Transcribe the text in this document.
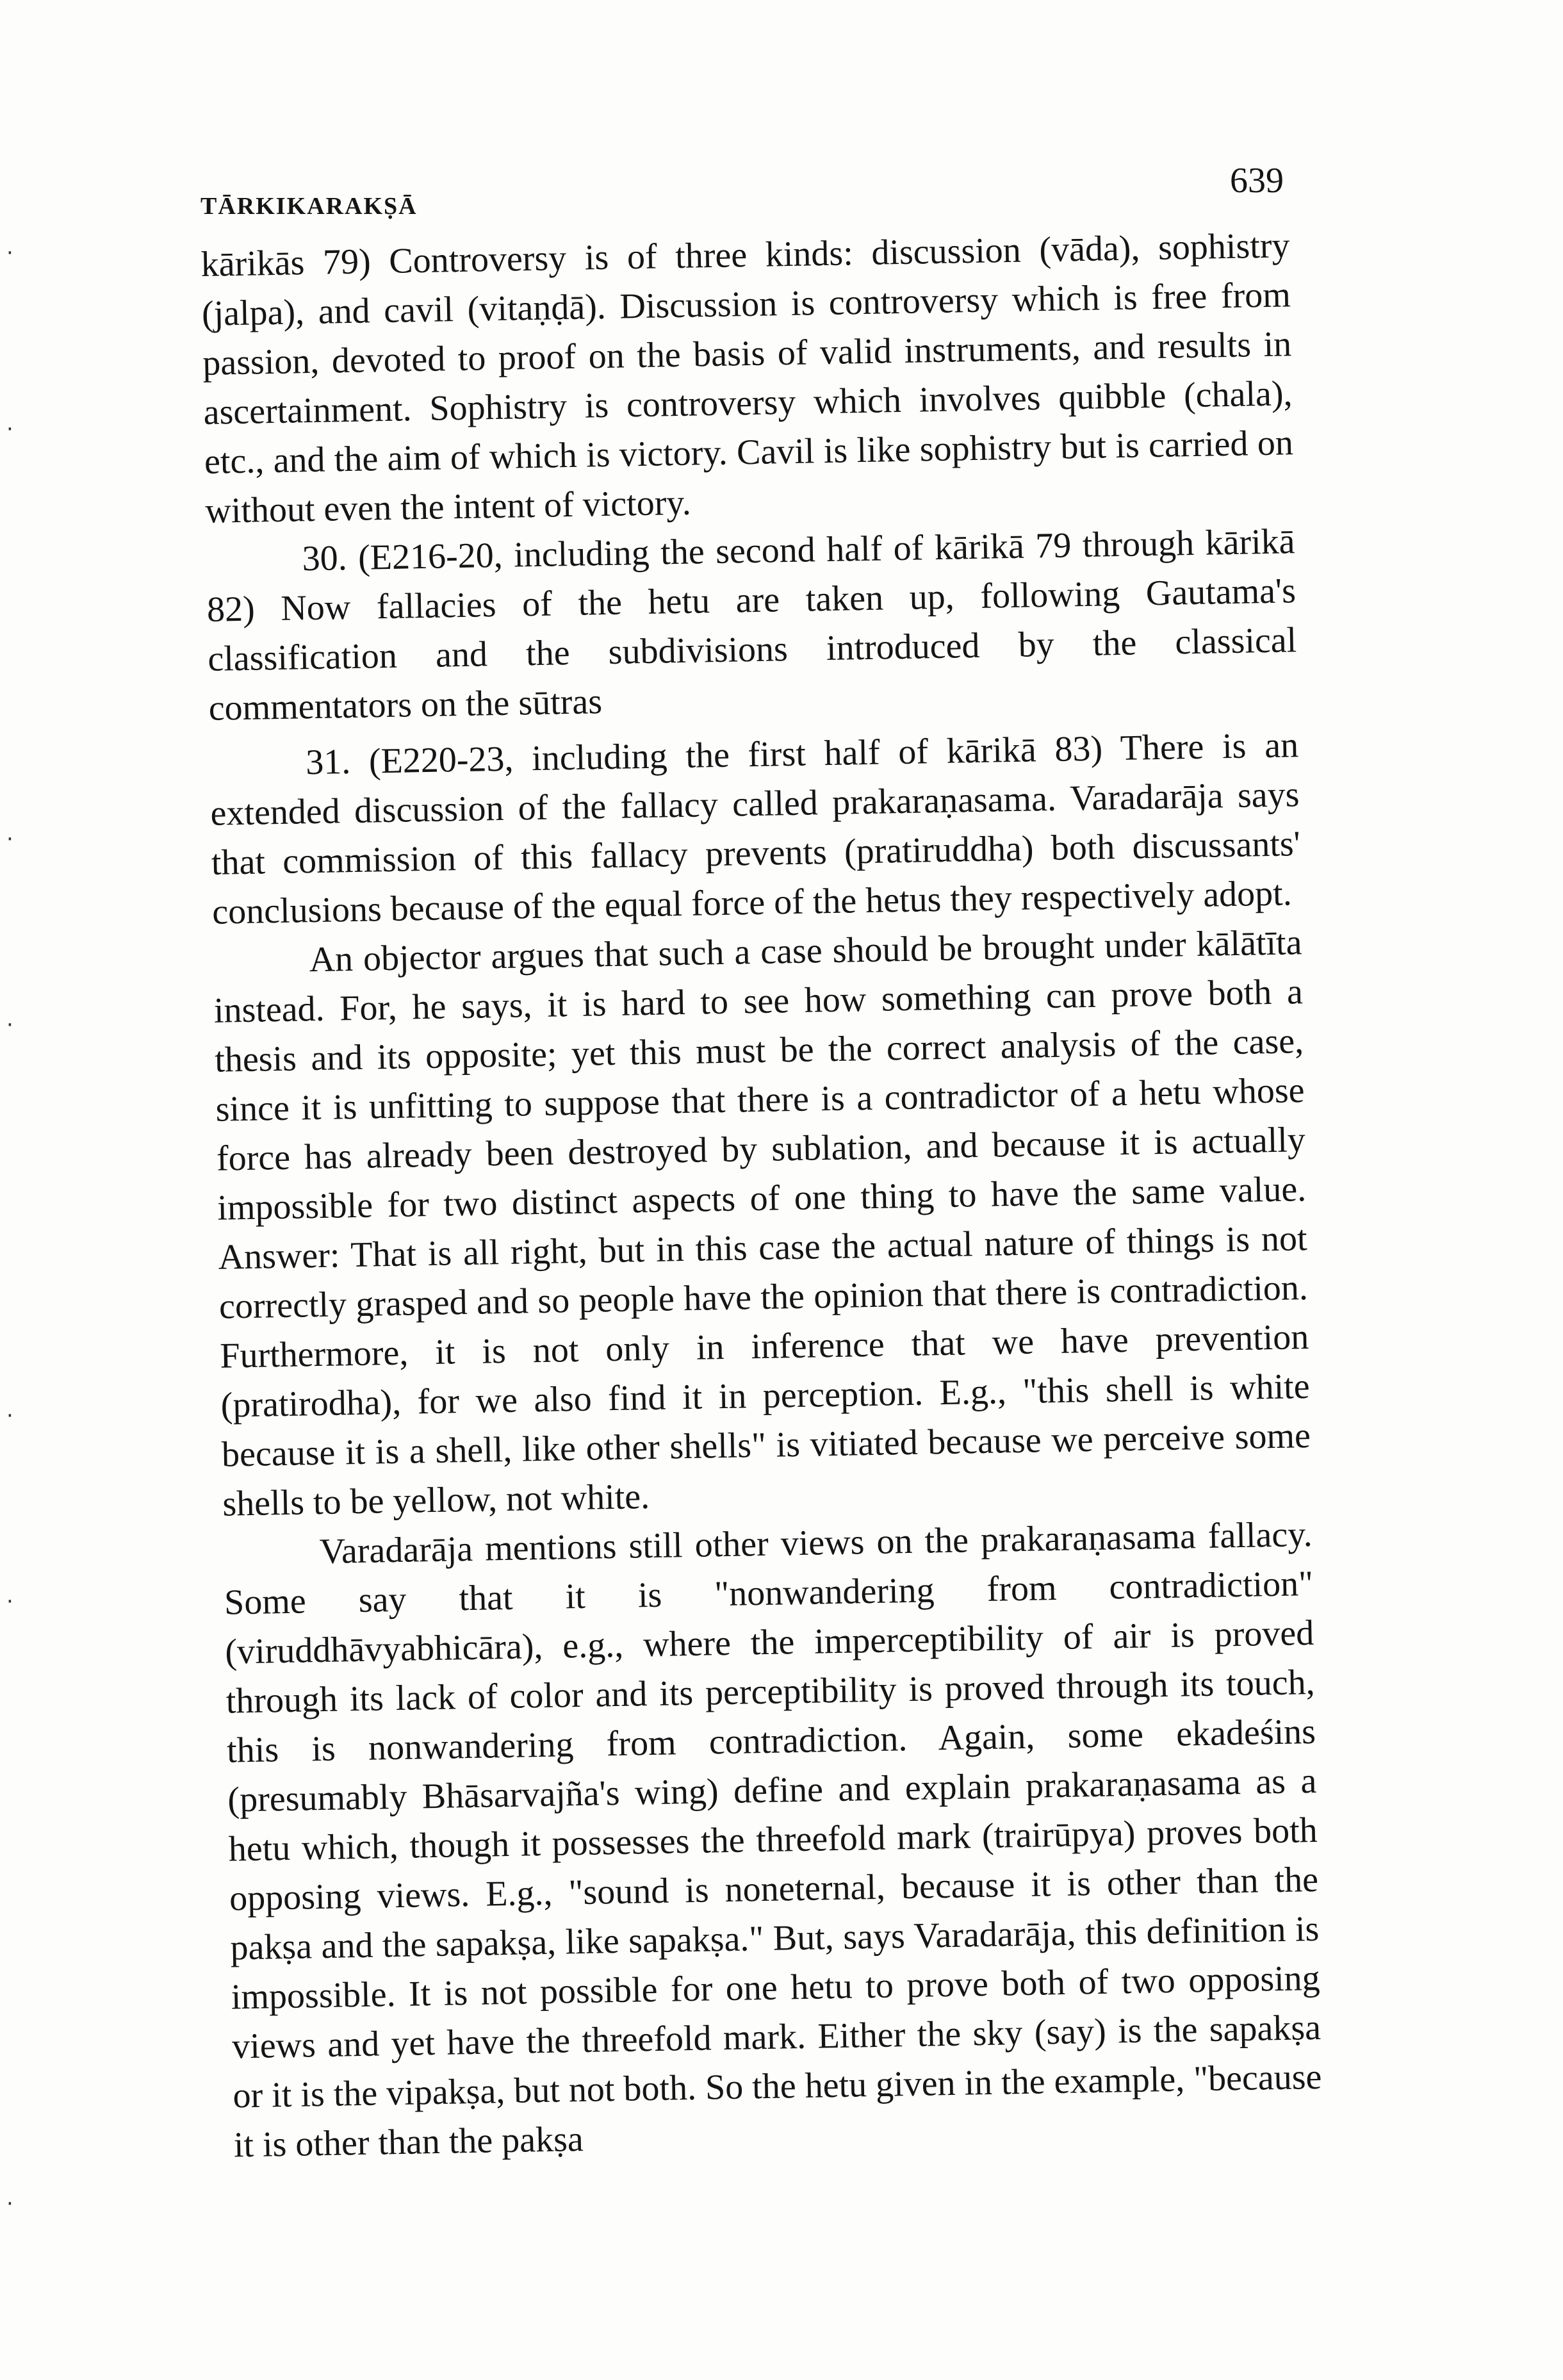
TĀRKIKARAKṢĀ
639

kārikās 79) Controversy is of three kinds: discussion (vāda), sophistry (jalpa), and cavil (vitaṇḍā). Discussion is controversy which is free from passion, devoted to proof on the basis of valid instruments, and results in ascertainment. Sophistry is controversy which involves quibble (chala), etc., and the aim of which is victory. Cavil is like sophistry but is carried on without even the intent of victory.

30. (E216-20, including the second half of kārikā 79 through kārikā 82) Now fallacies of the hetu are taken up, following Gautama's classification and the subdivisions introduced by the classical commentators on the sūtras

31. (E220-23, including the first half of kārikā 83) There is an extended discussion of the fallacy called prakaraṇasama. Varadarāja says that commission of this fallacy prevents (pratiruddha) both discussants' conclusions because of the equal force of the hetus they respectively adopt.

An objector argues that such a case should be brought under kālātīta instead. For, he says, it is hard to see how something can prove both a thesis and its opposite; yet this must be the correct analysis of the case, since it is unfitting to suppose that there is a contradictor of a hetu whose force has already been destroyed by sublation, and because it is actually impossible for two distinct aspects of one thing to have the same value. Answer: That is all right, but in this case the actual nature of things is not correctly grasped and so people have the opinion that there is contradiction. Furthermore, it is not only in inference that we have prevention (pratirodha), for we also find it in perception. E.g., "this shell is white because it is a shell, like other shells" is vitiated because we perceive some shells to be yellow, not white.

Varadarāja mentions still other views on the prakaraṇasama fallacy. Some say that it is "nonwandering from contradiction" (viruddhāvyabhicāra), e.g., where the imperceptibility of air is proved through its lack of color and its perceptibility is proved through its touch, this is nonwandering from contradiction. Again, some ekadeśins (presumably Bhāsarvajña's wing) define and explain prakaraṇasama as a hetu which, though it possesses the threefold mark (trairūpya) proves both opposing views. E.g., "sound is noneternal, because it is other than the pakṣa and the sapakṣa, like sapakṣa." But, says Varadarāja, this definition is impossible. It is not possible for one hetu to prove both of two opposing views and yet have the threefold mark. Either the sky (say) is the sapakṣa or it is the vipakṣa, but not both. So the hetu given in the example, "because it is other than the pakṣa

·
·
·
·
·
·
·
